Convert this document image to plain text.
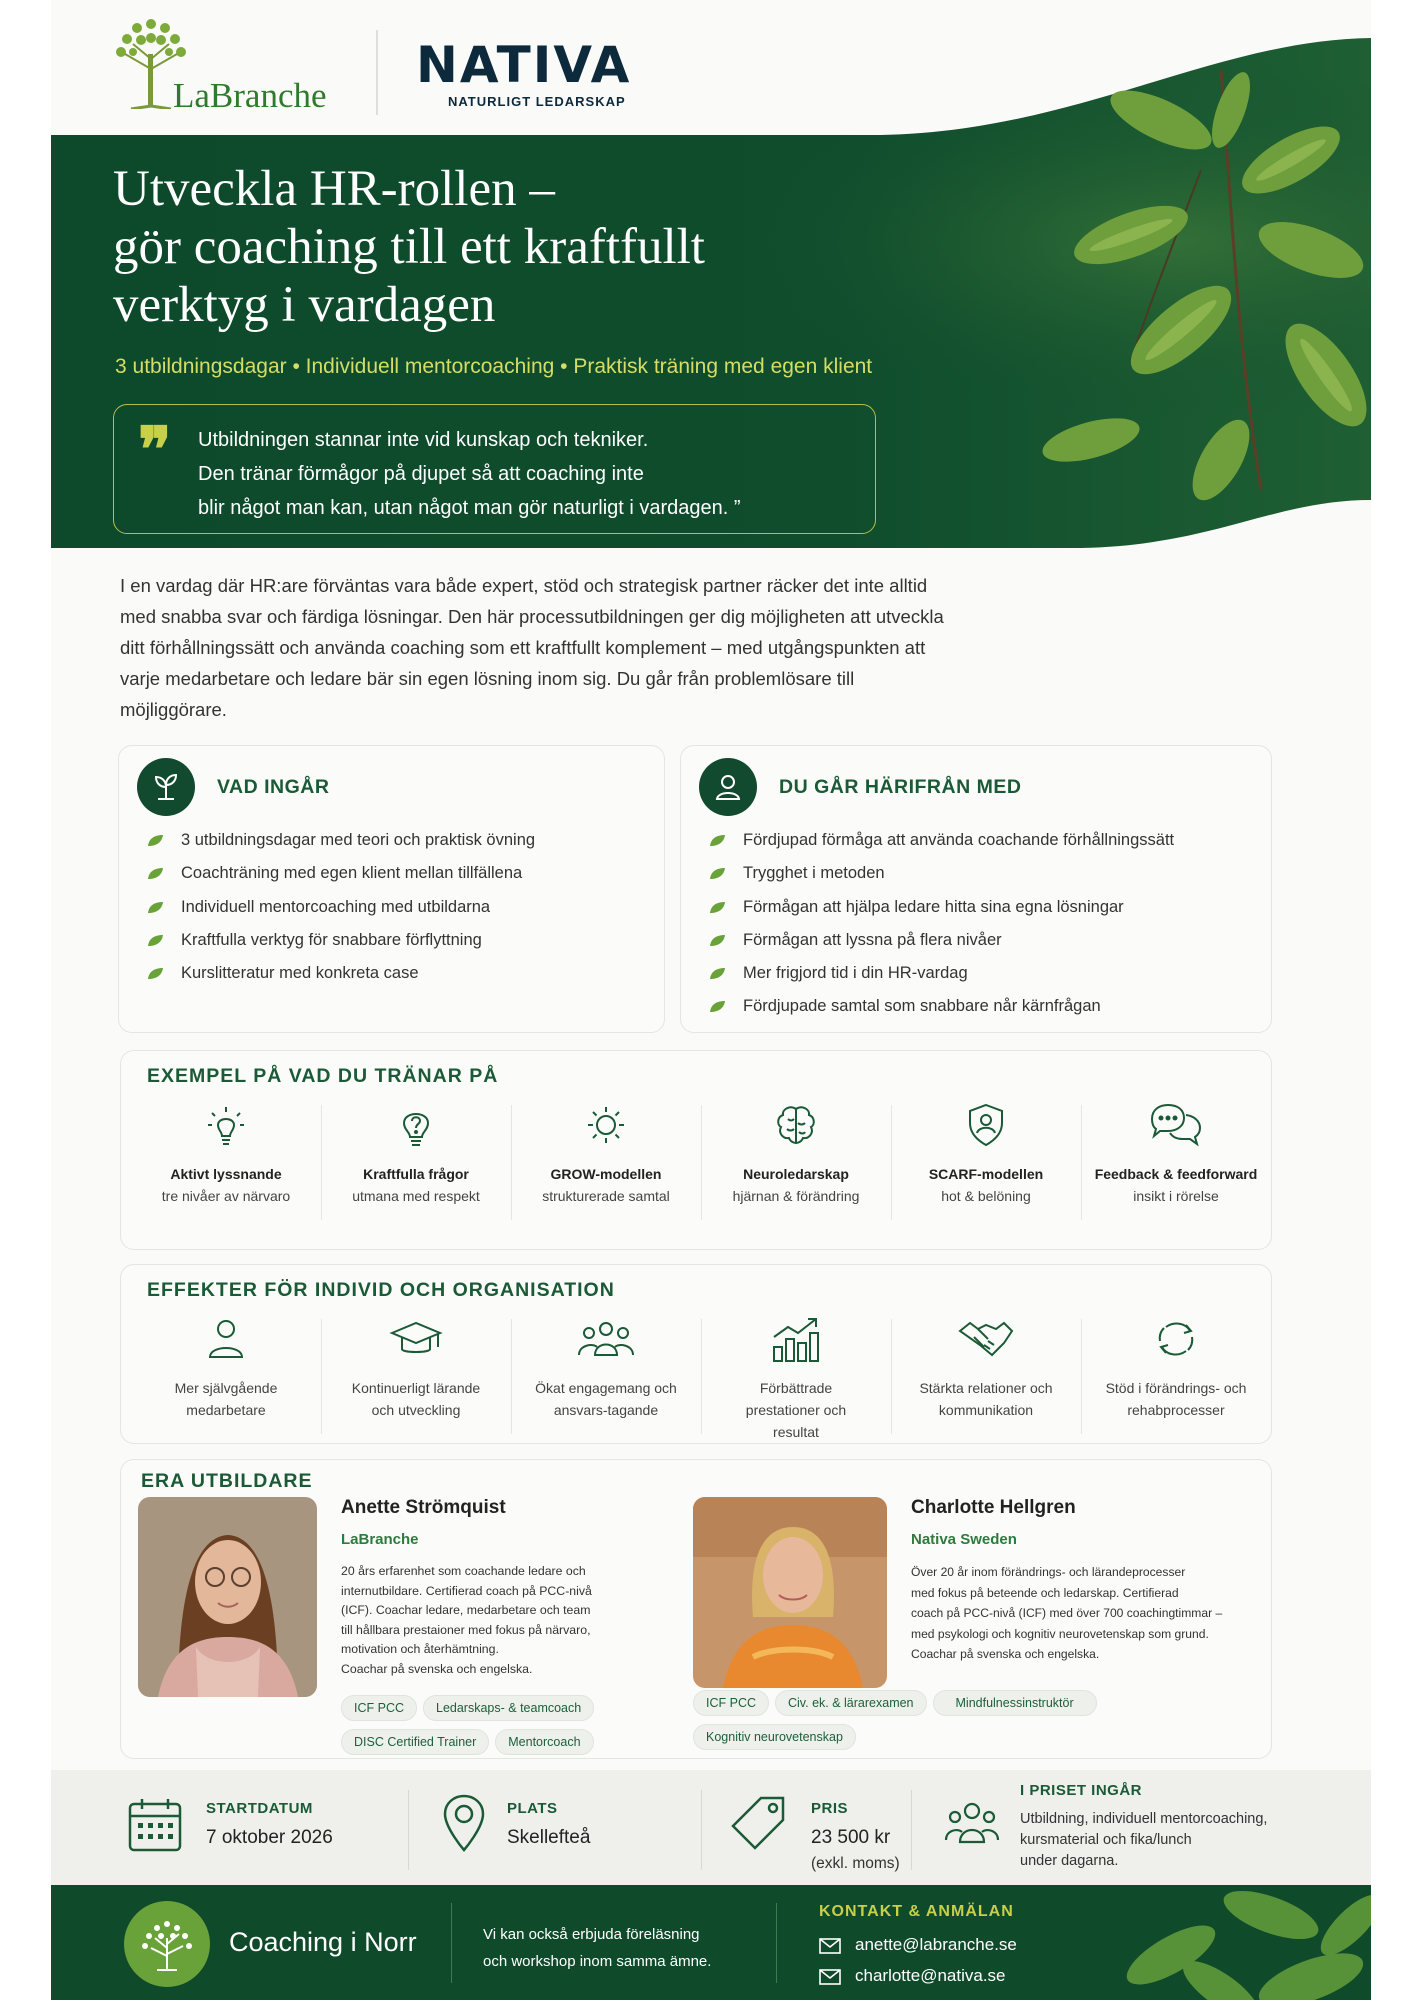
LaBranche
NATIVA
NATURLIGT LEDARSKAP
Utveckla HR-rollen –
gör coaching till ett kraftfullt
verktyg i vardagen
3 utbildningsdagar • Individuell mentorcoaching • Praktisk träning med egen klient
❞ Utbildningen stannar inte vid kunskap och tekniker.
Den tränar förmågor på djupet så att coaching inte
blir något man kan, utan något man gör naturligt i vardagen. ”
I en vardag där HR:are förväntas vara både expert, stöd och strategisk partner räcker det inte alltid med snabba svar och färdiga lösningar. Den här processutbildningen ger dig möjligheten att utveckla ditt förhållningssätt och använda coaching som ett kraftfullt komplement – med utgångspunkten att varje medarbetare och ledare bär sin egen lösning inom sig. Du går från problemlösare till möjliggörare.
VAD INGÅR
3 utbildningsdagar med teori och praktisk övning
Coachträning med egen klient mellan tillfällena
Individuell mentorcoaching med utbildarna
Kraftfulla verktyg för snabbare förflyttning
Kurslitteratur med konkreta case
DU GÅR HÄRIFRÅN MED
Fördjupad förmåga att använda coachande förhållningssätt
Trygghet i metoden
Förmågan att hjälpa ledare hitta sina egna lösningar
Förmågan att lyssna på flera nivåer
Mer frigjord tid i din HR-vardag
Fördjupade samtal som snabbare når kärnfrågan
EXEMPEL PÅ VAD DU TRÄNAR PÅ
Aktivt lyssnande
tre nivåer av närvaro
Kraftfulla frågor
utmana med respekt
GROW-modellen
strukturerade samtal
Neuroledarskap
hjärnan & förändring
SCARF-modellen
hot & belöning
Feedback & feedforward
insikt i rörelse
EFFEKTER FÖR INDIVID OCH ORGANISATION
Mer självgående medarbetare
Kontinuerligt lärande och utveckling
Ökat engagemang och ansvars-tagande
Förbättrade prestationer och resultat
Stärkta relationer och kommunikation
Stöd i förändrings- och rehabprocesser
ERA UTBILDARE
Anette Strömquist
LaBranche
20 års erfarenhet som coachande ledare och
internutbildare. Certifierad coach på PCC-nivå
(ICF). Coachar ledare, medarbetare och team
till hållbara prestaioner med fokus på närvaro,
motivation och återhämtning.
Coachar på svenska och engelska.
ICF PCC	Ledarskaps- & teamcoach
DISC Certified Trainer	Mentorcoach
Charlotte Hellgren
Nativa Sweden
Över 20 år inom förändrings- och lärandeprocesser
med fokus på beteende och ledarskap. Certifierad
coach på PCC-nivå (ICF) med över 700 coachingtimmar –
med psykologi och kognitiv neurovetenskap som grund.
Coachar på svenska och engelska.
ICF PCC	Civ. ek. & lärarexamen	Mindfulnessinstruktör
Kognitiv neurovetenskap
STARTDATUM
7 oktober 2026
PLATS
Skellefteå
PRIS
23 500 kr
(exkl. moms)
I PRISET INGÅR
Utbildning, individuell mentorcoaching,
kursmaterial och fika/lunch
under dagarna.
Coaching i Norr	Vi kan också erbjuda föreläsning
och workshop inom samma ämne.
KONTAKT & ANMÄLAN
anette@labranche.se
charlotte@nativa.se
